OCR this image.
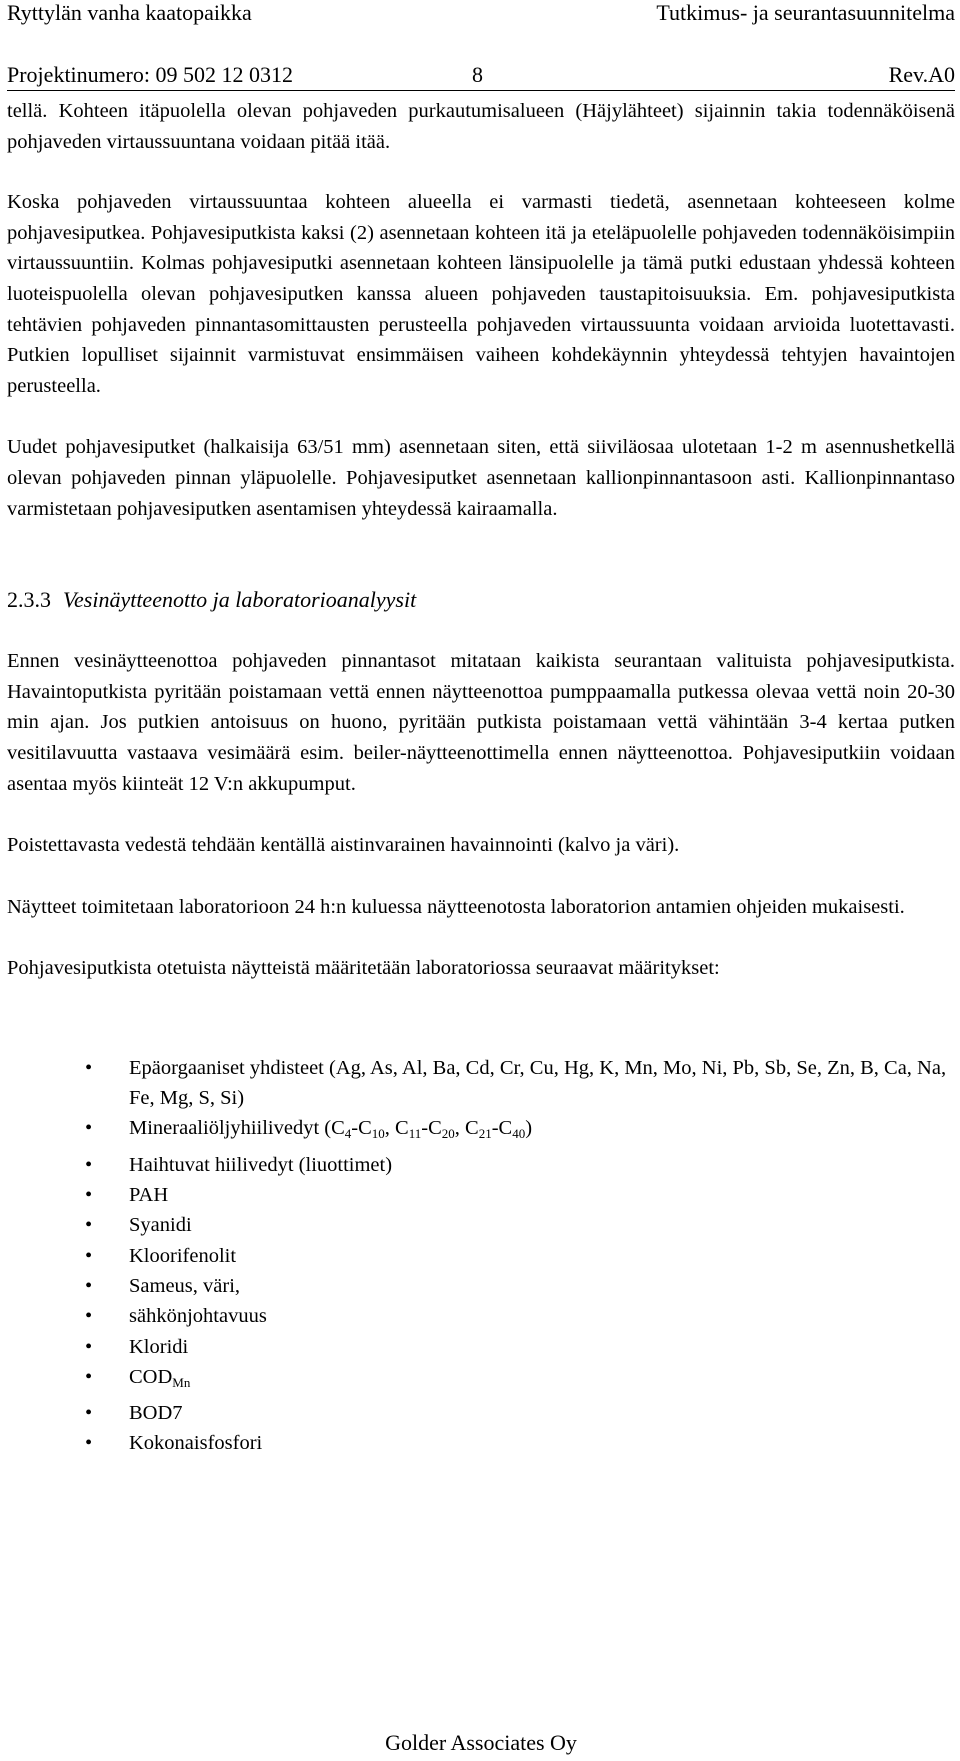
Ryttylän vanha kaatopaikka	Tutkimus- ja seurantasuunnitelma
Projektinumero: 09 502 12 0312	8	Rev.A0

tellä. Kohteen itäpuolella olevan pohjaveden purkautumisalueen (Häjylähteet) sijainnin takia todennäköisenä pohjaveden virtaussuuntana voidaan pitää itää.

Koska pohjaveden virtaussuuntaa kohteen alueella ei varmasti tiedetä, asennetaan kohteeseen kolme pohjavesiputkea. Pohjavesiputkista kaksi (2) asennetaan kohteen itä ja eteläpuolelle pohjaveden todennäköisimpiin virtaussuuntiin. Kolmas pohjavesiputki asennetaan kohteen länsipuolelle ja tämä putki edustaan yhdessä kohteen luoteispuolella olevan pohjavesiputken kanssa alueen pohjaveden taustapitoisuuksia. Em. pohjavesiputkista tehtävien pohjaveden pinnantasomittausten perusteella pohjaveden virtaussuunta voidaan arvioida luotettavasti. Putkien lopulliset sijainnit varmistuvat ensimmäisen vaiheen kohdekäynnin yhteydessä tehtyjen havaintojen perusteella.

Uudet pohjavesiputket (halkaisija 63/51 mm) asennetaan siten, että siiviläosaa ulotetaan 1-2 m asennushetkellä olevan pohjaveden pinnan yläpuolelle. Pohjavesiputket asennetaan kallionpinnantasoon asti. Kallionpinnantaso varmistetaan pohjavesiputken asentamisen yhteydessä kairaamalla.

2.3.3 Vesinäytteenotto ja laboratorioanalyysit

Ennen vesinäytteenottoa pohjaveden pinnantasot mitataan kaikista seurantaan valituista pohjavesiputkista. Havaintoputkista pyritään poistamaan vettä ennen näytteenottoa pumppaamalla putkessa olevaa vettä noin 20-30 min ajan. Jos putkien antoisuus on huono, pyritään putkista poistamaan vettä vähintään 3-4 kertaa putken vesitilavuutta vastaava vesimäärä esim. beiler-näytteenottimella ennen näytteenottoa. Pohjavesiputkiin voidaan asentaa myös kiinteät 12 V:n akkupumput.

Poistettavasta vedestä tehdään kentällä aistinvarainen havainnointi (kalvo ja väri).

Näytteet toimitetaan laboratorioon 24 h:n kuluessa näytteenotosta laboratorion antamien ohjeiden mukaisesti.

Pohjavesiputkista otetuista näytteistä määritetään laboratoriossa seuraavat määritykset:

• Epäorgaaniset yhdisteet (Ag, As, Al, Ba, Cd, Cr, Cu, Hg, K, Mn, Mo, Ni, Pb, Sb, Se, Zn, B, Ca, Na, Fe, Mg, S, Si)
• Mineraaliöljyhiilivedyt ($C_4-C_{10}$, $C_{11}-C_{20}$, $C_{21}-C_{40}$)
• Haihtuvat hiilivedyt (liuottimet)
• PAH
• Syanidi
• Kloorifenolit
• Sameus, väri,
• sähkönjohtavuus
• Kloridi
• $COD_{Mn}$
• BOD7
• Kokonaisfosfori
Golder Associates Oy
